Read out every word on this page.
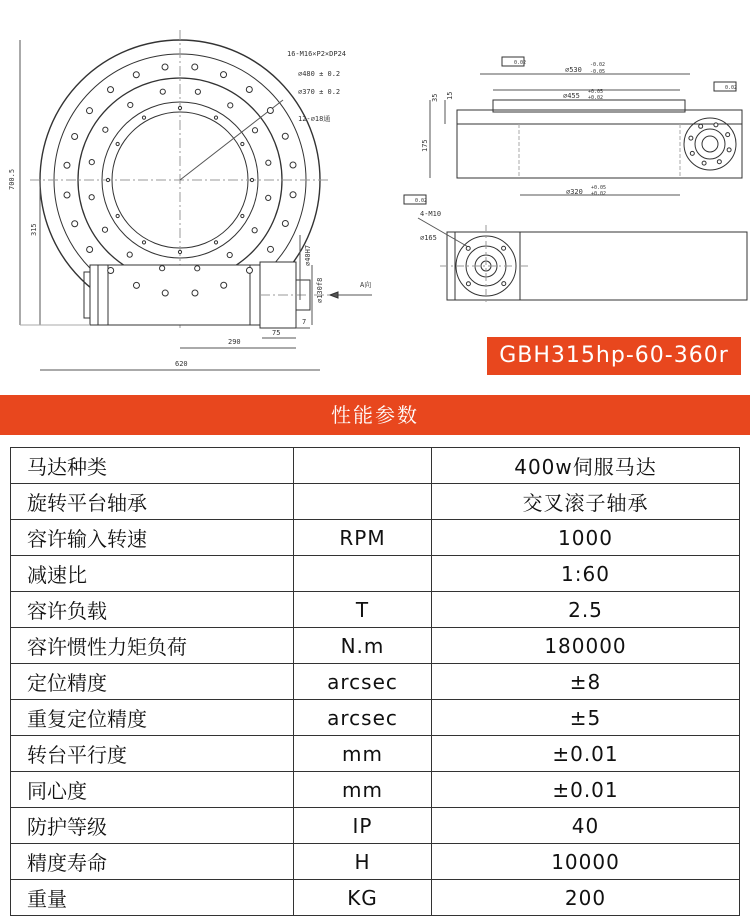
16-M16×P2×DP24
⌀480 ± 0.2
⌀370 ± 0.2
12-⌀18通
700.5
315
620
290
75
7
⌀40H7
⌀130f8	A向
⌀530
-0.02
-0.05
⌀455 +0.05
+0.02
⌀320 +0.05
+0.02
35 15
175
0.02
0.02
0.02
4-M10
⌀165
GBH315hp-60-360r
性能参数
马达种类		400w伺服马达
旋转平台轴承		交叉滚子轴承
容许输入转速	RPM	1000
减速比		1:60
容许负载	T	2.5
容许惯性力矩负荷	N.m	180000
定位精度	arcsec	±8
重复定位精度	arcsec	±5
转台平行度	mm	±0.01
同心度	mm	±0.01
防护等级	IP	40
精度寿命	H	10000
重量	KG	200
